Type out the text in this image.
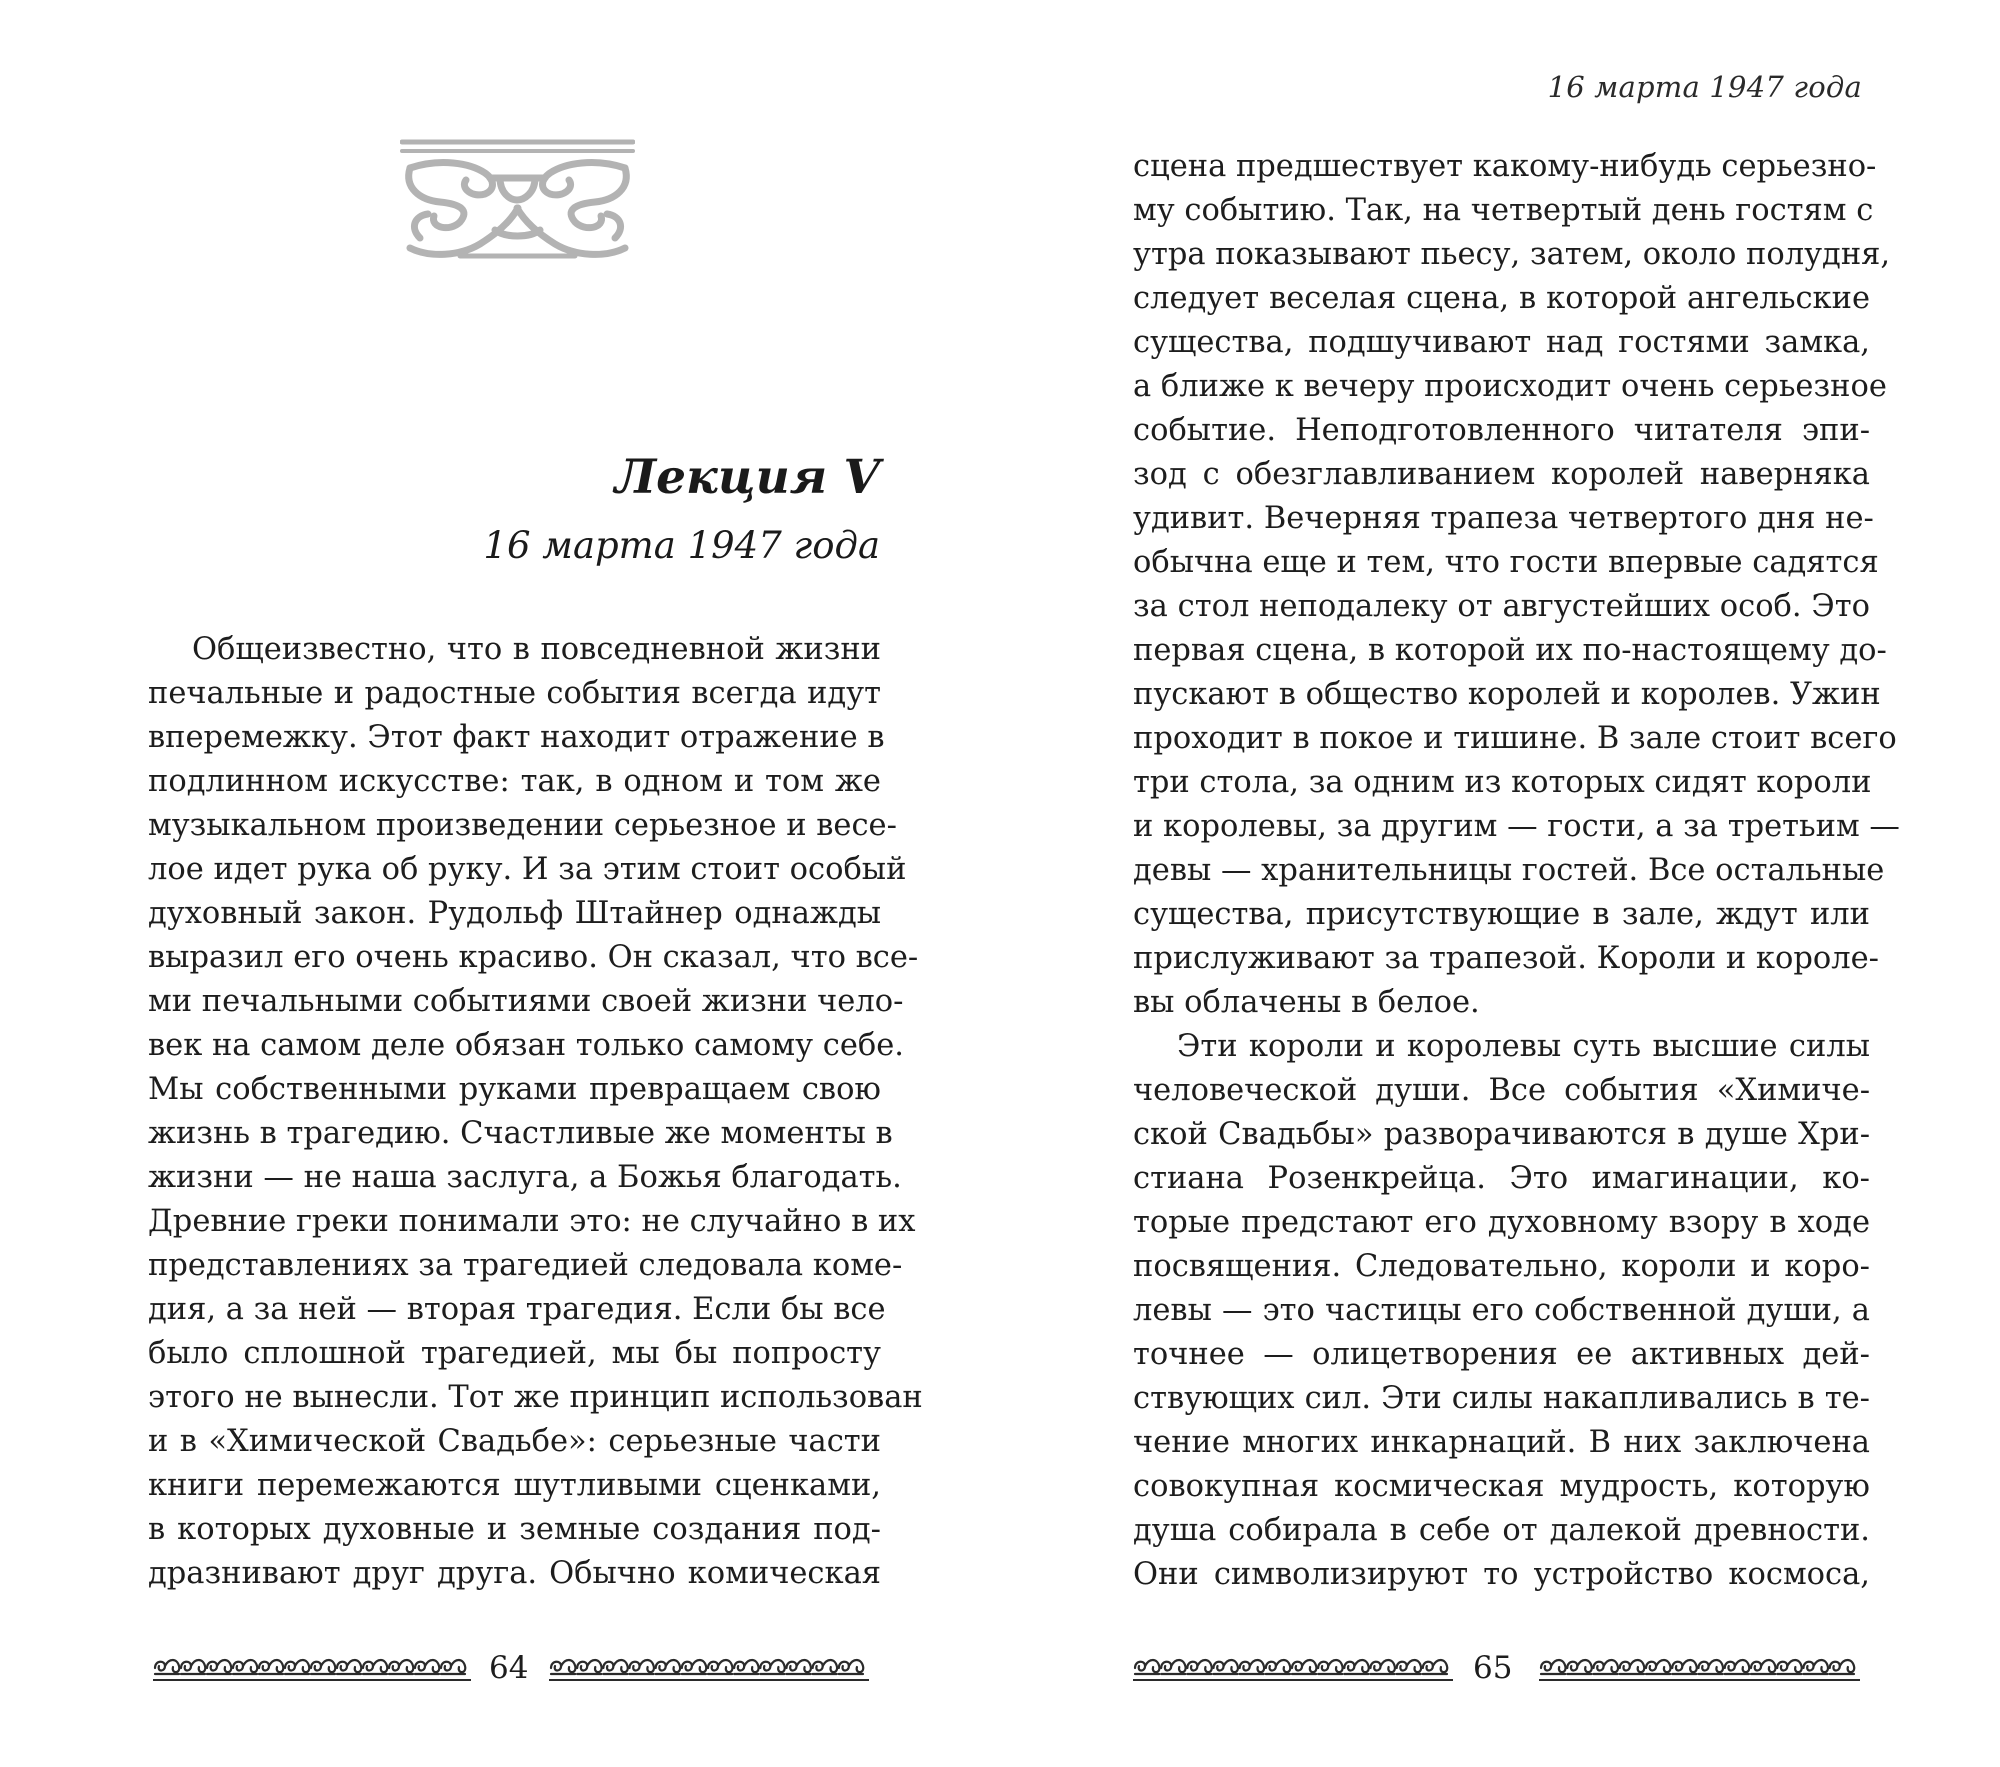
Лекция V
16 марта 1947 года
Общеизвестно, что в повседневной жизни
печальные и радостные события всегда идут
вперемежку. Этот факт находит отражение в
подлинном искусстве: так, в одном и том же
музыкальном произведении серьезное и весе-
лое идет рука об руку. И за этим стоит особый
духовный закон. Рудольф Штайнер однажды
выразил его очень красиво. Он сказал, что все-
ми печальными событиями своей жизни чело-
век на самом деле обязан только самому себе.
Мы собственными руками превращаем свою
жизнь в трагедию. Счастливые же моменты в
жизни — не наша заслуга, а Божья благодать.
Древние греки понимали это: не случайно в их
представлениях за трагедией следовала коме-
дия, а за ней — вторая трагедия. Если бы все
было сплошной трагедией, мы бы попросту
этого не вынесли. Тот же принцип использован
и в «Химической Свадьбе»: серьезные части
книги перемежаются шутливыми сценками,
в которых духовные и земные создания под-
дразнивают друг друга. Обычно комическая
64
16 марта 1947 года
сцена предшествует какому-нибудь серьезно-
му событию. Так, на четвертый день гостям с
утра показывают пьесу, затем, около полудня,
следует веселая сцена, в которой ангельские
существа, подшучивают над гостями замка,
а ближе к вечеру происходит очень серьезное
событие. Неподготовленного читателя эпи-
зод с обезглавливанием королей наверняка
удивит. Вечерняя трапеза четвертого дня не-
обычна еще и тем, что гости впервые садятся
за стол неподалеку от августейших особ. Это
первая сцена, в которой их по-настоящему до-
пускают в общество королей и королев. Ужин
проходит в покое и тишине. В зале стоит всего
три стола, за одним из которых сидят короли
и королевы, за другим — гости, а за третьим —
девы — хранительницы гостей. Все остальные
существа, присутствующие в зале, ждут или
прислуживают за трапезой. Короли и короле-
вы облачены в белое.
Эти короли и королевы суть высшие силы
человеческой души. Все события «Химиче-
ской Свадьбы» разворачиваются в душе Хри-
стиана Розенкрейца. Это имагинации, ко-
торые предстают его духовному взору в ходе
посвящения. Следовательно, короли и коро-
левы — это частицы его собственной души, а
точнее — олицетворения ее активных дей-
ствующих сил. Эти силы накапливались в те-
чение многих инкарнаций. В них заключена
совокупная космическая мудрость, которую
душа собирала в себе от далекой древности.
Они символизируют то устройство космоса,
65
